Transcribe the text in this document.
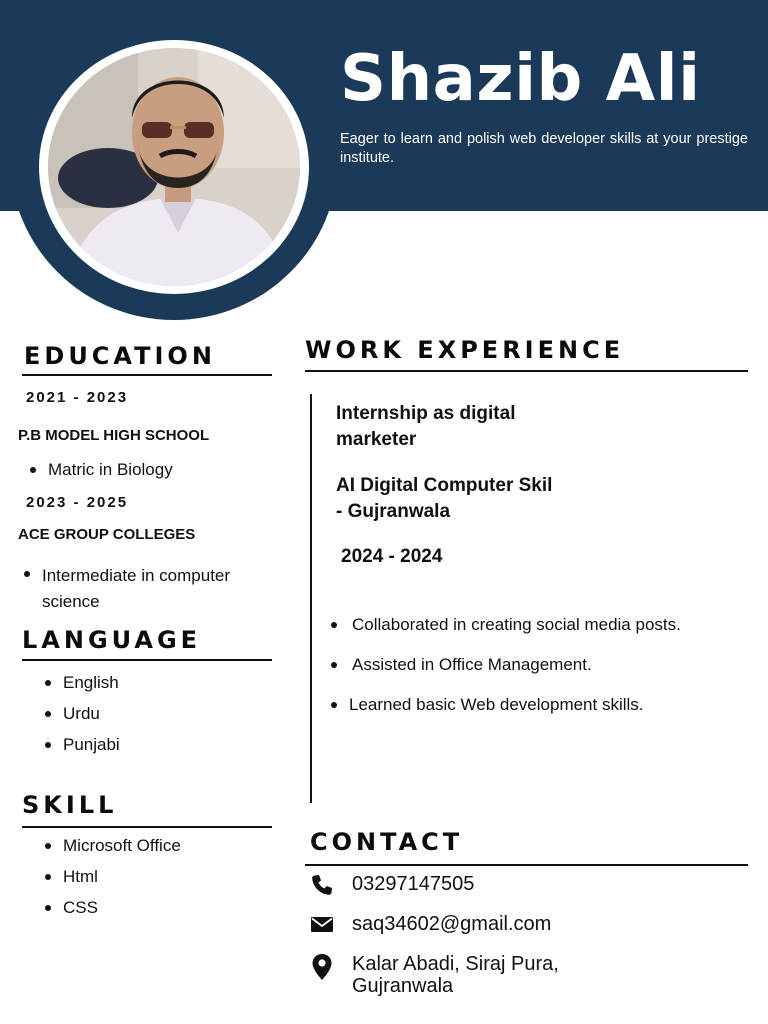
Shazib Ali

Eager to learn and polish web developer skills at your prestige institute.

EDUCATION

2021 - 2023

P.B MODEL HIGH SCHOOL

Matric in Biology

2023 - 2025

ACE GROUP COLLEGES

Intermediate in computer science
LANGUAGE
English
Urdu
Punjabi
SKILL
Microsoft Office
Html
CSS
WORK EXPERIENCE

Internship as digital marketer

AI Digital Computer Skil - Gujranwala

2024 - 2024

Collaborated in creating social media posts.
Assisted in Office Management.
Learned basic Web development skills.
CONTACT
03297147505
saq34602@gmail.com
Kalar Abadi, Siraj Pura, Gujranwala
